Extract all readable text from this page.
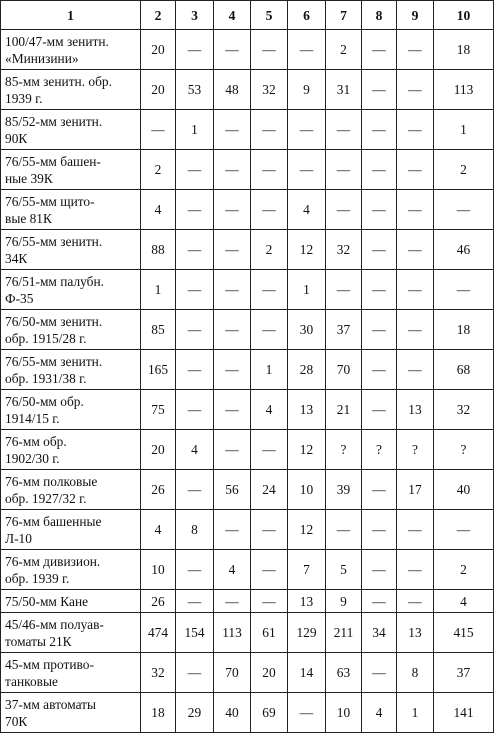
1	2	3	4	5	6	7	8	9	10

100/47-мм зенитн.
«Минизини»	20	—	—	—	—	2	—	—	18

85-мм зенитн. обр.
1939 г.	20	53	48	32	9	31	—	—	113

85/52-мм зенитн.
90К	—	1	—	—	—	—	—	—	1

76/55-мм башен-
ные 39К	2	—	—	—	—	—	—	—	2

76/55-мм щито-
вые 81К	4	—	—	—	4	—	—	—	—

76/55-мм зенитн.
34К	88	—	—	2	12	32	—	—	46

76/51-мм палубн.
Ф-35	1	—	—	—	1	—	—	—	—

76/50-мм зенитн.
обр. 1915/28 г.	85	—	—	—	30	37	—	—	18

76/55-мм зенитн.
обр. 1931/38 г.	165	—	—	1	28	70	—	—	68

76/50-мм обр.
1914/15 г.	75	—	—	4	13	21	—	13	32

76-мм обр.
1902/30 г.	20	4	—	—	12	?	?	?	?

76-мм полковые
обр. 1927/32 г.	26	—	56	24	10	39	—	17	40

76-мм башенные
Л-10	4	8	—	—	12	—	—	—	—

76-мм дивизион.
обр. 1939 г.	10	—	4	—	7	5	—	—	2

75/50-мм Кане	26	—	—	—	13	9	—	—	4

45/46-мм полуав-
томаты 21К	474	154	113	61	129	211	34	13	415

45-мм противо-
танковые	32	—	70	20	14	63	—	8	37

37-мм автоматы
70К	18	29	40	69	—	10	4	1	141
